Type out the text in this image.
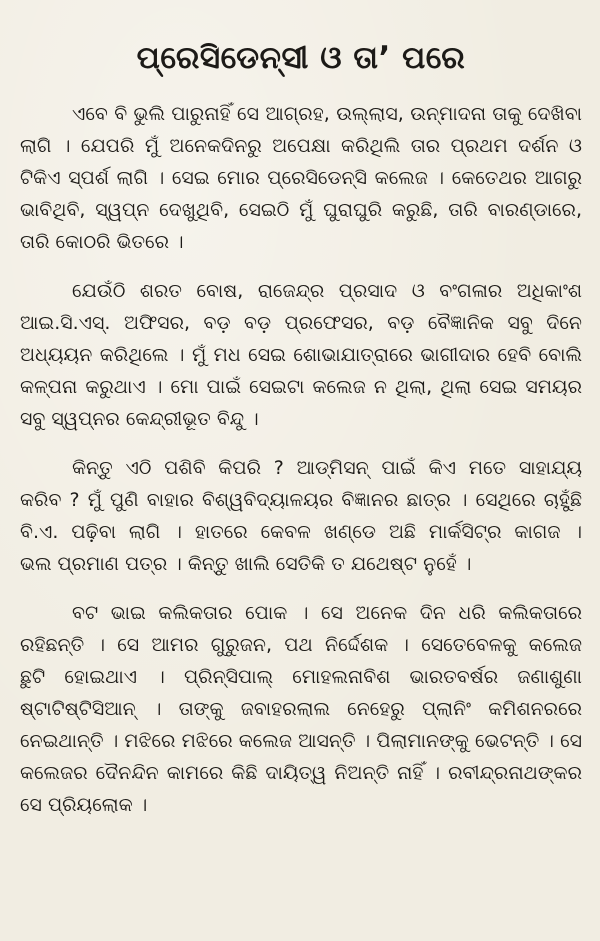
ପ୍ରେସିଡେନ୍ସୀ ଓ ତା’ ପରେ
ଏବେ ବି ଭୁଲି ପାରୁନାହିଁ ସେ ଆଗ୍ରହ, ଉଲ୍ଲାସ, ଉନ୍ମାଦନା ତାକୁ ଦେଖିବା
ଲାଗି । ଯେପରି ମୁଁ ଅନେକଦିନରୁ ଅପେକ୍ଷା କରିଥିଲି ତାର ପ୍ରଥମ ଦର୍ଶନ ଓ
ଟିକିଏ ସ୍ପର୍ଶ ଲାଗି । ସେଇ ମୋର ପ୍ରେସିଡେନ୍ସି କଲେଜ । କେତେଥର ଆଗରୁ
ଭାବିଥିବି, ସ୍ୱପ୍ନ ଦେଖୁଥିବି, ସେଇଠି ମୁଁ ଘୁରାଘୁରି କରୁଛି, ତାରି ବାରଣ୍ଡାରେ,
ତାରି କୋଠରି ଭିତରେ ।
ଯେଉଁଠି ଶରତ ବୋଷ, ରାଜେନ୍ଦ୍ର ପ୍ରସାଦ ଓ ବଂଗଳାର ଅଧିକାଂଶ
ଆଇ.ସି.ଏସ୍. ଅଫିସର, ବଡ଼ ବଡ଼ ପ୍ରଫେସର, ବଡ଼ ବୈଜ୍ଞାନିକ ସବୁ ଦିନେ
ଅଧ୍ୟୟନ କରିଥିଲେ । ମୁଁ ମଧ ସେଇ ଶୋଭାଯାତ୍ରାରେ ଭାଗୀଦାର ହେବି ବୋଲି
କଳ୍ପନା କରୁଥାଏ । ମୋ ପାଇଁ ସେଇଟା କଲେଜ ନ ଥିଲା, ଥିଲା ସେଇ ସମୟର
ସବୁ ସ୍ୱପ୍ନର କେନ୍ଦ୍ରୀଭୂତ ବିନ୍ଦୁ ।
କିନ୍ତୁ ଏଠି ପଶିବି କିପରି ? ଆଡ୍‌ମିସନ୍ ପାଇଁ କିଏ ମତେ ସାହାଯ୍ୟ
କରିବ ? ମୁଁ ପୁଣି ବାହାର ବିଶ୍ୱବିଦ୍ୟାଳୟର ବିଜ୍ଞାନର ଛାତ୍ର । ସେଥିରେ ଚାହୁଁଛି
ବି.ଏ. ପଢ଼ିବା ଲାଗି । ହାତରେ କେବଳ ଖଣ୍ଡେ ଅଛି ମାର୍କସିଟ୍‌ର କାଗଜ ।
ଭଲ ପ୍ରମାଣ ପତ୍ର । କିନ୍ତୁ ଖାଲି ସେତିକି ତ ଯଥେଷ୍ଟ ନୁହେଁ ।
ବଟ ଭାଇ କଲିକତାର ପୋକ । ସେ ଅନେକ ଦିନ ଧରି କଲିକତାରେ
ରହିଛନ୍ତି । ସେ ଆମର ଗୁରୁଜନ, ପଥ ନିର୍ଦ୍ଦେଶକ । ସେତେବେଳକୁ କଲେଜ
ଛୁଟି ହୋଇଥାଏ । ପ୍ରିନ୍ସିପାଲ୍ ମୋହଲନାବିଶ ଭାରତବର୍ଷର ଜଣାଶୁଣା
ଷ୍ଟାଟିଷ୍ଟିସିଆନ୍ । ତାଙ୍କୁ ଜବାହରଲାଲ ନେହେରୁ ପ୍ଲାନିଂ କମିଶନରରେ
ନେଇଥାନ୍ତି । ମଝିରେ ମଝିରେ କଲେଜ ଆସନ୍ତି । ପିଲାମାନଙ୍କୁ ଭେଟନ୍ତି । ସେ
କଲେଜର ଦୈନନ୍ଦିନ କାମରେ କିଛି ଦାୟିତ୍ୱ ନିଅନ୍ତି ନାହିଁ । ରବୀନ୍ଦ୍ରନାଥଙ୍କର
ସେ ପ୍ରିୟଲୋକ ।
